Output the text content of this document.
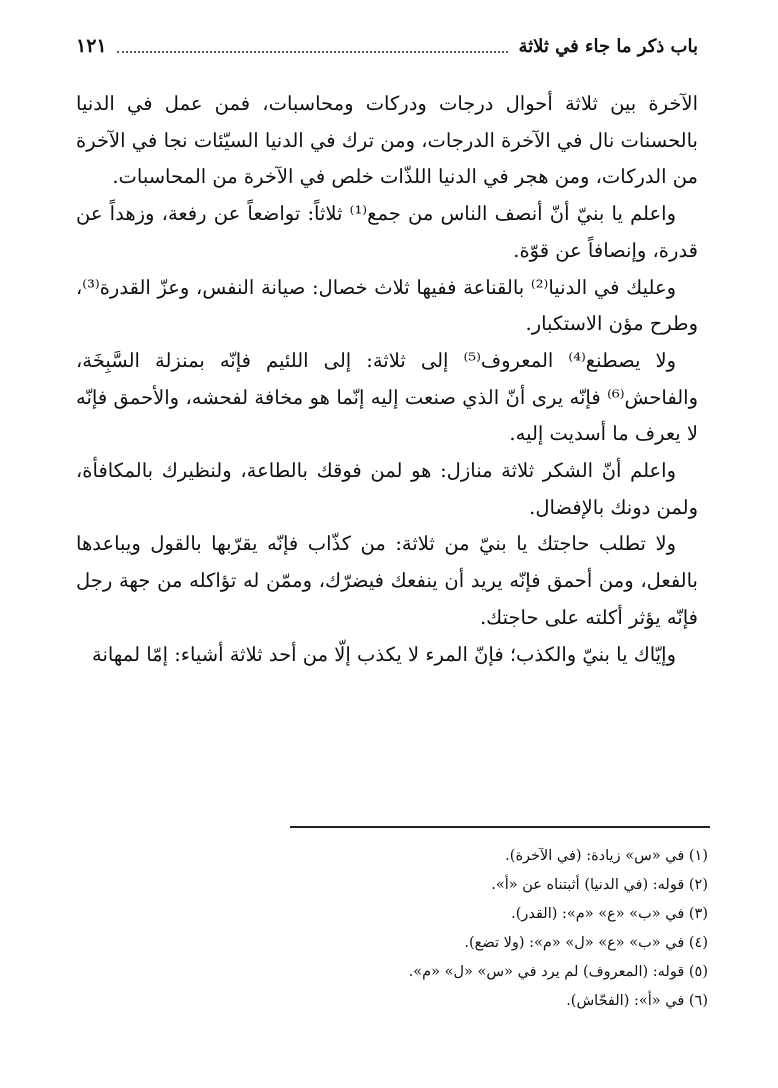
باب ذكر ما جاء في ثلاثة
١٢١

الآخرة بين ثلاثة أحوال درجات ودركات ومحاسبات، فمن عمل في الدنيا بالحسنات نال في الآخرة الدرجات، ومن ترك في الدنيا السيّئات نجا في الآخرة من الدركات، ومن هجر في الدنيا اللذّات خلص في الآخرة من المحاسبات.

واعلم يا بنيّ أنّ أنصف الناس من جمع⁽¹⁾ ثلاثاً: تواضعاً عن رفعة، وزهداً عن قدرة، وإنصافاً عن قوّة.

وعليك في الدنيا⁽²⁾ بالقناعة ففيها ثلاث خصال: صيانة النفس، وعزّ القدرة⁽³⁾، وطرح مؤن الاستكبار.

ولا يصطنع⁽⁴⁾ المعروف⁽⁵⁾ إلى ثلاثة: إلى اللئيم فإنّه بمنزلة السَّبِخَة، والفاحش⁽⁶⁾ فإنّه يرى أنّ الذي صنعت إليه إنّما هو مخافة لفحشه، والأحمق فإنّه لا يعرف ما أسديت إليه.

واعلم أنّ الشكر ثلاثة منازل: هو لمن فوقك بالطاعة، ولنظيرك بالمكافأة، ولمن دونك بالإفضال.

ولا تطلب حاجتك يا بنيّ من ثلاثة: من كذّاب فإنّه يقرّبها بالقول ويباعدها بالفعل، ومن أحمق فإنّه يريد أن ينفعك فيضرّك، وممّن له تؤاكله من جهة رجل فإنّه يؤثر أكلته على حاجتك.

وإيّاك يا بنيّ والكذب؛ فإنّ المرء لا يكذب إلّا من أحد ثلاثة أشياء: إمّا لمهانة

(١) في «س» زيادة: (في الآخرة).
(٢) قوله: (في الدنيا) أثبتناه عن «أ».
(٣) في «ب» «ع» «م»: (القدر).
(٤) في «ب» «ع» «ل» «م»: (ولا تضع).
(٥) قوله: (المعروف) لم يرد في «س» «ل» «م».
(٦) في «أ»: (الفحّاش).
